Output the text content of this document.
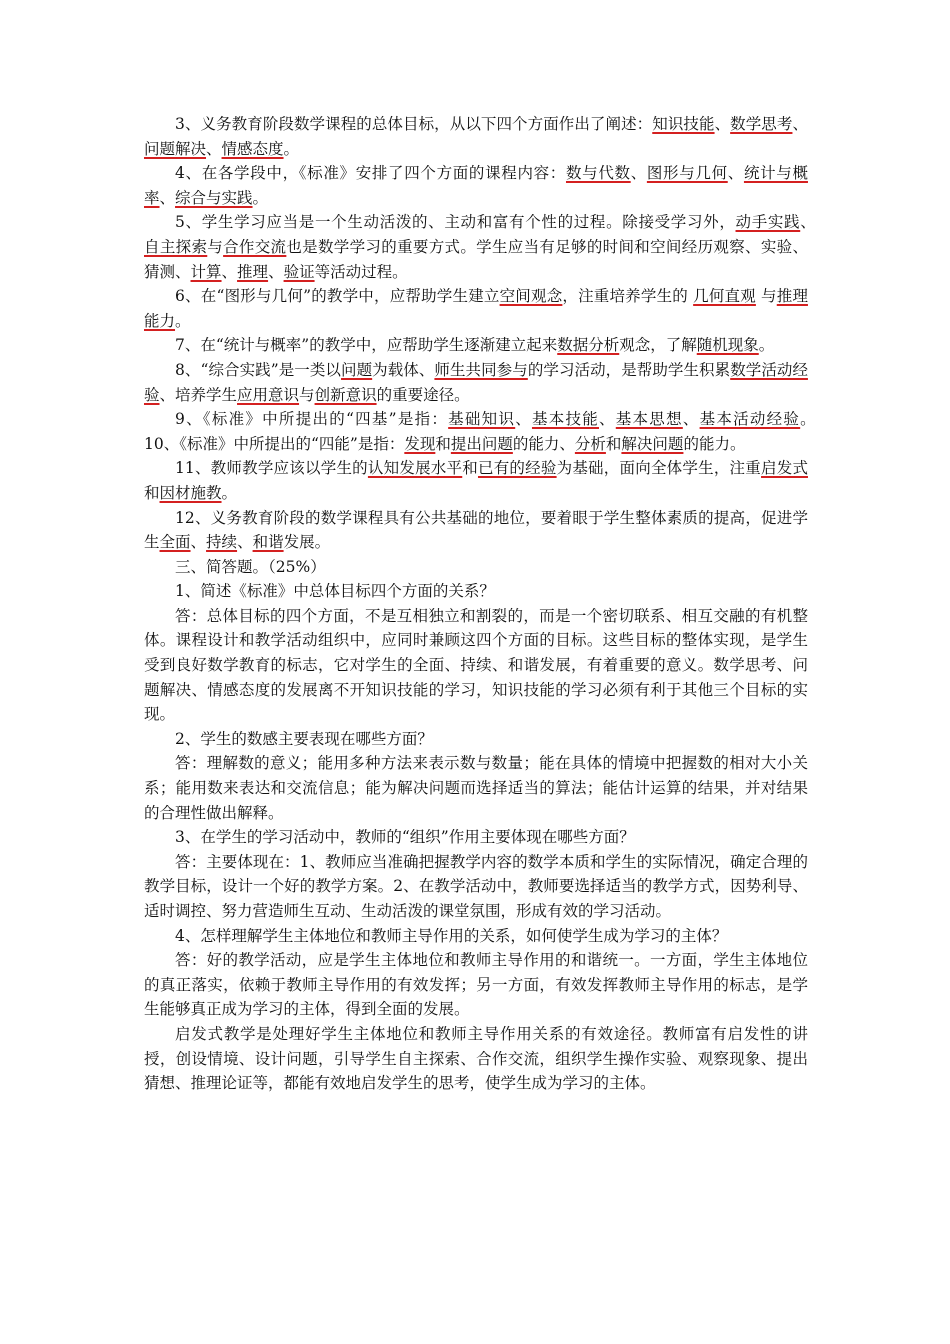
3、义务教育阶段数学课程的总体目标，从以下四个方面作出了阐述：知识技能、数学思考、问题解决、情感态度。

4、在各学段中，《标准》安排了四个方面的课程内容：数与代数、图形与几何、统计与概率、综合与实践。

5、学生学习应当是一个生动活泼的、主动和富有个性的过程。除接受学习外，动手实践、　自主探索与合作交流也是数学学习的重要方式。学生应当有足够的时间和空间经历观察、实验、猜测、计算、推理、验证等活动过程。

6、在“图形与几何”的教学中，应帮助学生建立空间观念，注重培养学生的 几何直观 与推理能力。

7、在“统计与概率”的教学中，应帮助学生逐渐建立起来数据分析观念，了解随机现象。

8、“综合实践”是一类以问题为载体、师生共同参与的学习活动，是帮助学生积累数学活动经验、培养学生应用意识与创新意识的重要途径。

9、《标准》中所提出的“四基”是指：基础知识、基本技能、基本思想、基本活动经验。　　　 10、《标准》中所提出的“四能”是指：发现和提出问题的能力、分析和解决问题的能力。

11、教师教学应该以学生的认知发展水平和已有的经验为基础，面向全体学生，注重启发式和因材施教。

12、义务教育阶段的数学课程具有公共基础的地位，要着眼于学生整体素质的提高，促进学生全面、持续、和谐发展。

三、简答题。（25%）

1、简述《标准》中总体目标四个方面的关系？

答：总体目标的四个方面，不是互相独立和割裂的，而是一个密切联系、相互交融的有机整体。课程设计和教学活动组织中，应同时兼顾这四个方面的目标。这些目标的整体实现，是学生受到良好数学教育的标志，它对学生的全面、持续、和谐发展，有着重要的意义。数学思考、问题解决、情感态度的发展离不开知识技能的学习，知识技能的学习必须有利于其他三个目标的实现。

2、学生的数感主要表现在哪些方面？

答：理解数的意义；能用多种方法来表示数与数量；能在具体的情境中把握数的相对大小关系；能用数来表达和交流信息；能为解决问题而选择适当的算法；能估计运算的结果，并对结果的合理性做出解释。

3、在学生的学习活动中，教师的“组织”作用主要体现在哪些方面？

答：主要体现在：1、教师应当准确把握教学内容的数学本质和学生的实际情况，确定合理的教学目标，设计一个好的教学方案。2、在教学活动中，教师要选择适当的教学方式，因势利导、适时调控、努力营造师生互动、生动活泼的课堂氛围，形成有效的学习活动。

4、怎样理解学生主体地位和教师主导作用的关系，如何使学生成为学习的主体？

答：好的教学活动，应是学生主体地位和教师主导作用的和谐统一。一方面，学生主体地位的真正落实，依赖于教师主导作用的有效发挥；另一方面，有效发挥教师主导作用的标志，是学生能够真正成为学习的主体，得到全面的发展。

启发式教学是处理好学生主体地位和教师主导作用关系的有效途径。教师富有启发性的讲授，创设情境、设计问题，引导学生自主探索、合作交流，组织学生操作实验、观察现象、提出猜想、推理论证等，都能有效地启发学生的思考，使学生成为学习的主体。
